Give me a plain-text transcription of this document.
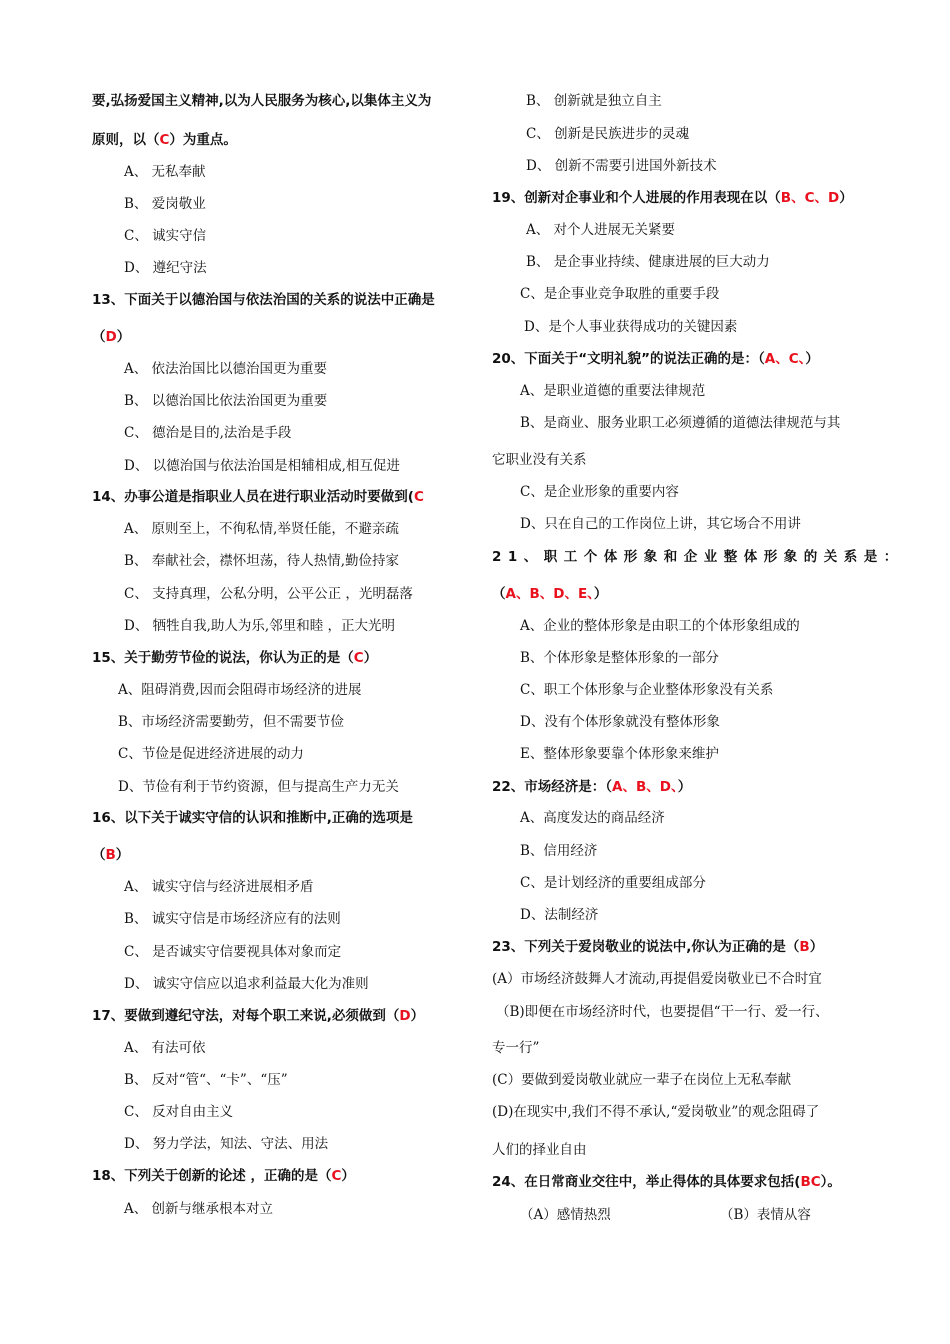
要,弘扬爱国主义精神,以为人民服务为核心,以集体主义为
原则，以（C）为重点。
A、 无私奉献
B、 爱岗敬业
C、 诚实守信
D、 遵纪守法
13、下面关于以德治国与依法治国的关系的说法中正确是
（D）
A、 依法治国比以德治国更为重要
B、 以德治国比依法治国更为重要
C、 德治是目的,法治是手段
D、 以德治国与依法治国是相辅相成,相互促进
14、办事公道是指职业人员在进行职业活动时要做到(C
A、 原则至上，不徇私情,举贤任能，不避亲疏
B、 奉献社会，襟怀坦荡，待人热情,勤俭持家
C、 支持真理，公私分明，公平公正 ，光明磊落
D、 牺牲自我,助人为乐,邻里和睦 ，正大光明
15、关于勤劳节俭的说法，你认为正的是（C）
A、阻碍消费,因而会阻碍市场经济的进展
B、市场经济需要勤劳，但不需要节俭
C、节俭是促进经济进展的动力
D、节俭有利于节约资源，但与提高生产力无关
16、以下关于诚实守信的认识和推断中,正确的选项是
（B）
A、 诚实守信与经济进展相矛盾
B、 诚实守信是市场经济应有的法则
C、 是否诚实守信要视具体对象而定
D、 诚实守信应以追求利益最大化为准则
17、要做到遵纪守法，对每个职工来说,必须做到（D）
A、 有法可依
B、 反对“管“、“卡”、“压”
C、 反对自由主义
D、 努力学法，知法、守法、用法
18、下列关于创新的论述 ，正确的是（C）
A、 创新与继承根本对立
B、 创新就是独立自主
C、 创新是民族进步的灵魂
D、 创新不需要引进国外新技术
19、创新对企事业和个人进展的作用表现在以（B、C、D）
A、 对个人进展无关紧要
B、 是企事业持续、健康进展的巨大动力
C、是企事业竞争取胜的重要手段
D、是个人事业获得成功的关键因素
20、下面关于“文明礼貌”的说法正确的是：（A、C、）
A、是职业道德的重要法律规范
B、是商业、服务业职工必须遵循的道德法律规范与其
它职业没有关系
C、是企业形象的重要内容
D、只在自己的工作岗位上讲，其它场合不用讲
21、职工个体形象和企业整体形象的关系是：
（A、B、D、E、）
A、企业的整体形象是由职工的个体形象组成的
B、个体形象是整体形象的一部分
C、职工个体形象与企业整体形象没有关系
D、没有个体形象就没有整体形象
E、整体形象要靠个体形象来维护
22、市场经济是：（A、B、D、）
A、高度发达的商品经济
B、信用经济
C、是计划经济的重要组成部分
D、法制经济
23、下列关于爱岗敬业的说法中,你认为正确的是（B）
(A）市场经济鼓舞人才流动,再提倡爱岗敬业已不合时宜
（B)即便在市场经济时代，也要提倡“干一行、爱一行、
专一行”
(C）要做到爱岗敬业就应一辈子在岗位上无私奉献
(D)在现实中,我们不得不承认,“爱岗敬业”的观念阻碍了
人们的择业自由
24、在日常商业交往中，举止得体的具体要求包括(BC）。
（A）感情热烈	（B）表情从容
